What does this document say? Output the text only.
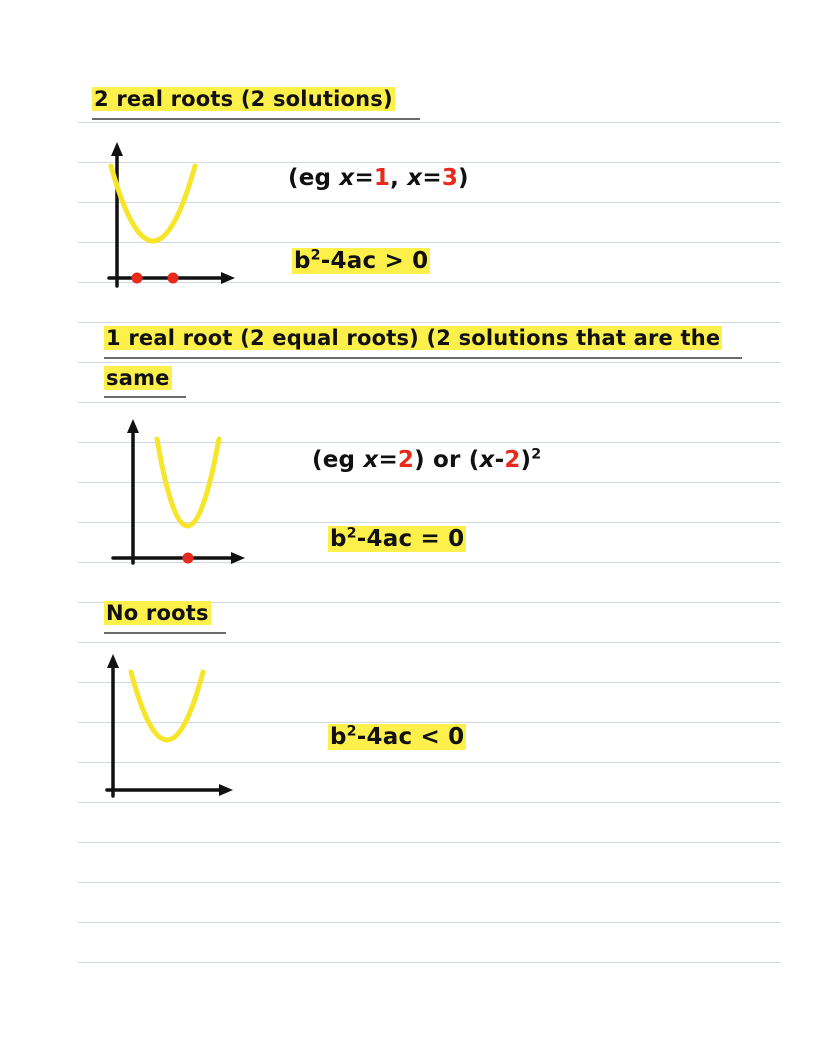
2 real roots (2 solutions)
(eg x=1, x=3)
$b^2-4ac > 0$
1 real root (2 equal roots) (2 solutions that are the
same
(eg x=2) or $(x-2)^2$
$b^2-4ac = 0$
No roots
$b^2-4ac < 0$
